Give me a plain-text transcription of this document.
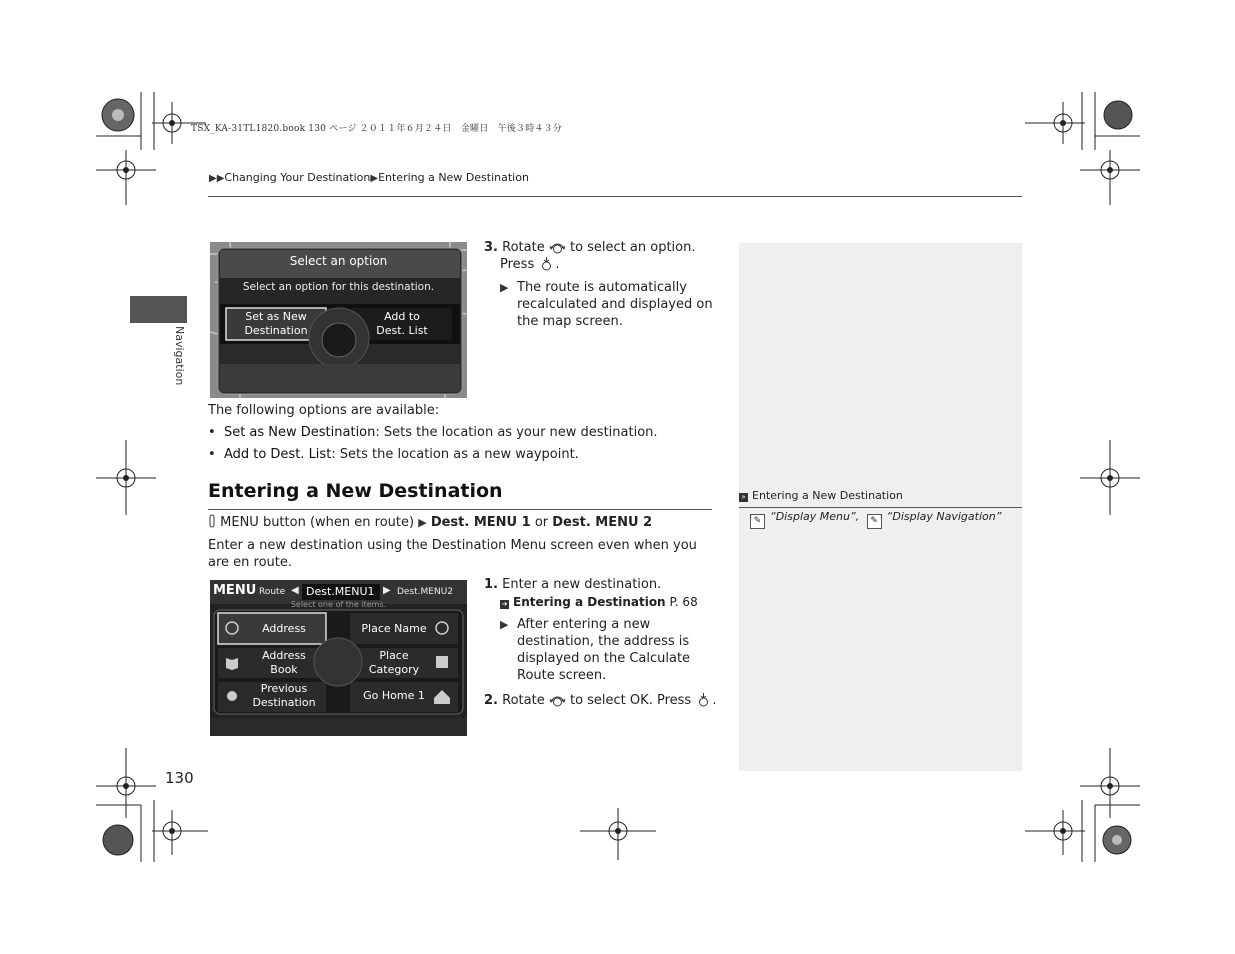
TSX_KA-31TL1820.book 130 ページ ２０１１年６月２４日　金曜日　午後３時４３分
▶▶Changing Your Destination▶Entering a New Destination
Navigation
» Entering a New Destination
✎ “Display Menu”, ✎ “Display Navigation”
Select an option
Select an option for this destination.
Set as New
Destination
Add to
Dest. List
3. Rotate to select an option.
Press .
▶ The route is automatically recalculated and displayed on the map screen.
The following options are available:
•  Set as New Destination: Sets the location as your new destination.
•  Add to Dest. List: Sets the location as a new waypoint.
Entering a New Destination
MENU button (when en route) ▶ Dest. MENU 1 or Dest. MENU 2
Enter a new destination using the Destination Menu screen even when you are en route.
MENU Route ◀ Dest.MENU1 ▶ Dest.MENU2
Select one of the items.
Address
Address
Book
Previous
Destination
Place Name
Place
Category
Go Home 1
1. Enter a new destination.
➔ Entering a Destination P. 68
▶ After entering a new destination, the address is displayed on the Calculate Route screen.
2. Rotate to select OK. Press .
130
